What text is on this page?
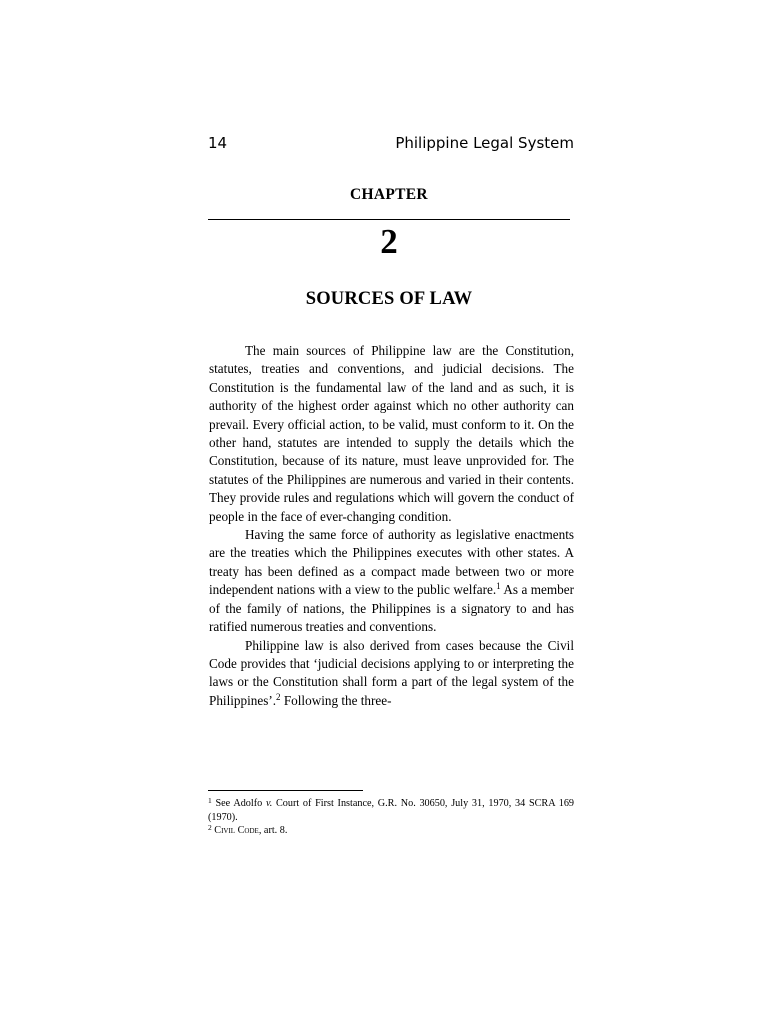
14	Philippine Legal System
CHAPTER
2
SOURCES OF LAW

The main sources of Philippine law are the Constitution, statutes, treaties and conventions, and judicial decisions. The Constitution is the fundamental law of the land and as such, it is authority of the highest order against which no other authority can prevail. Every official action, to be valid, must conform to it. On the other hand, statutes are intended to supply the details which the Constitution, because of its nature, must leave unprovided for. The statutes of the Philippines are numerous and varied in their contents. They provide rules and regulations which will govern the conduct of people in the face of ever-changing condition.

Having the same force of authority as legislative enactments are the treaties which the Philippines executes with other states. A treaty has been defined as a compact made between two or more independent nations with a view to the public welfare.$^1$ As a member of the family of nations, the Philippines is a signatory to and has ratified numerous treaties and conventions.

Philippine law is also derived from cases because the Civil Code provides that ‘judicial decisions applying to or interpreting the laws or the Constitution shall form a part of the legal system of the Philippines’.$^2$ Following the three-

$^1$ See Adolfo v. Court of First Instance, G.R. No. 30650, July 31, 1970, 34 SCRA 169 (1970).

$^2$ Civil Code, art. 8.
